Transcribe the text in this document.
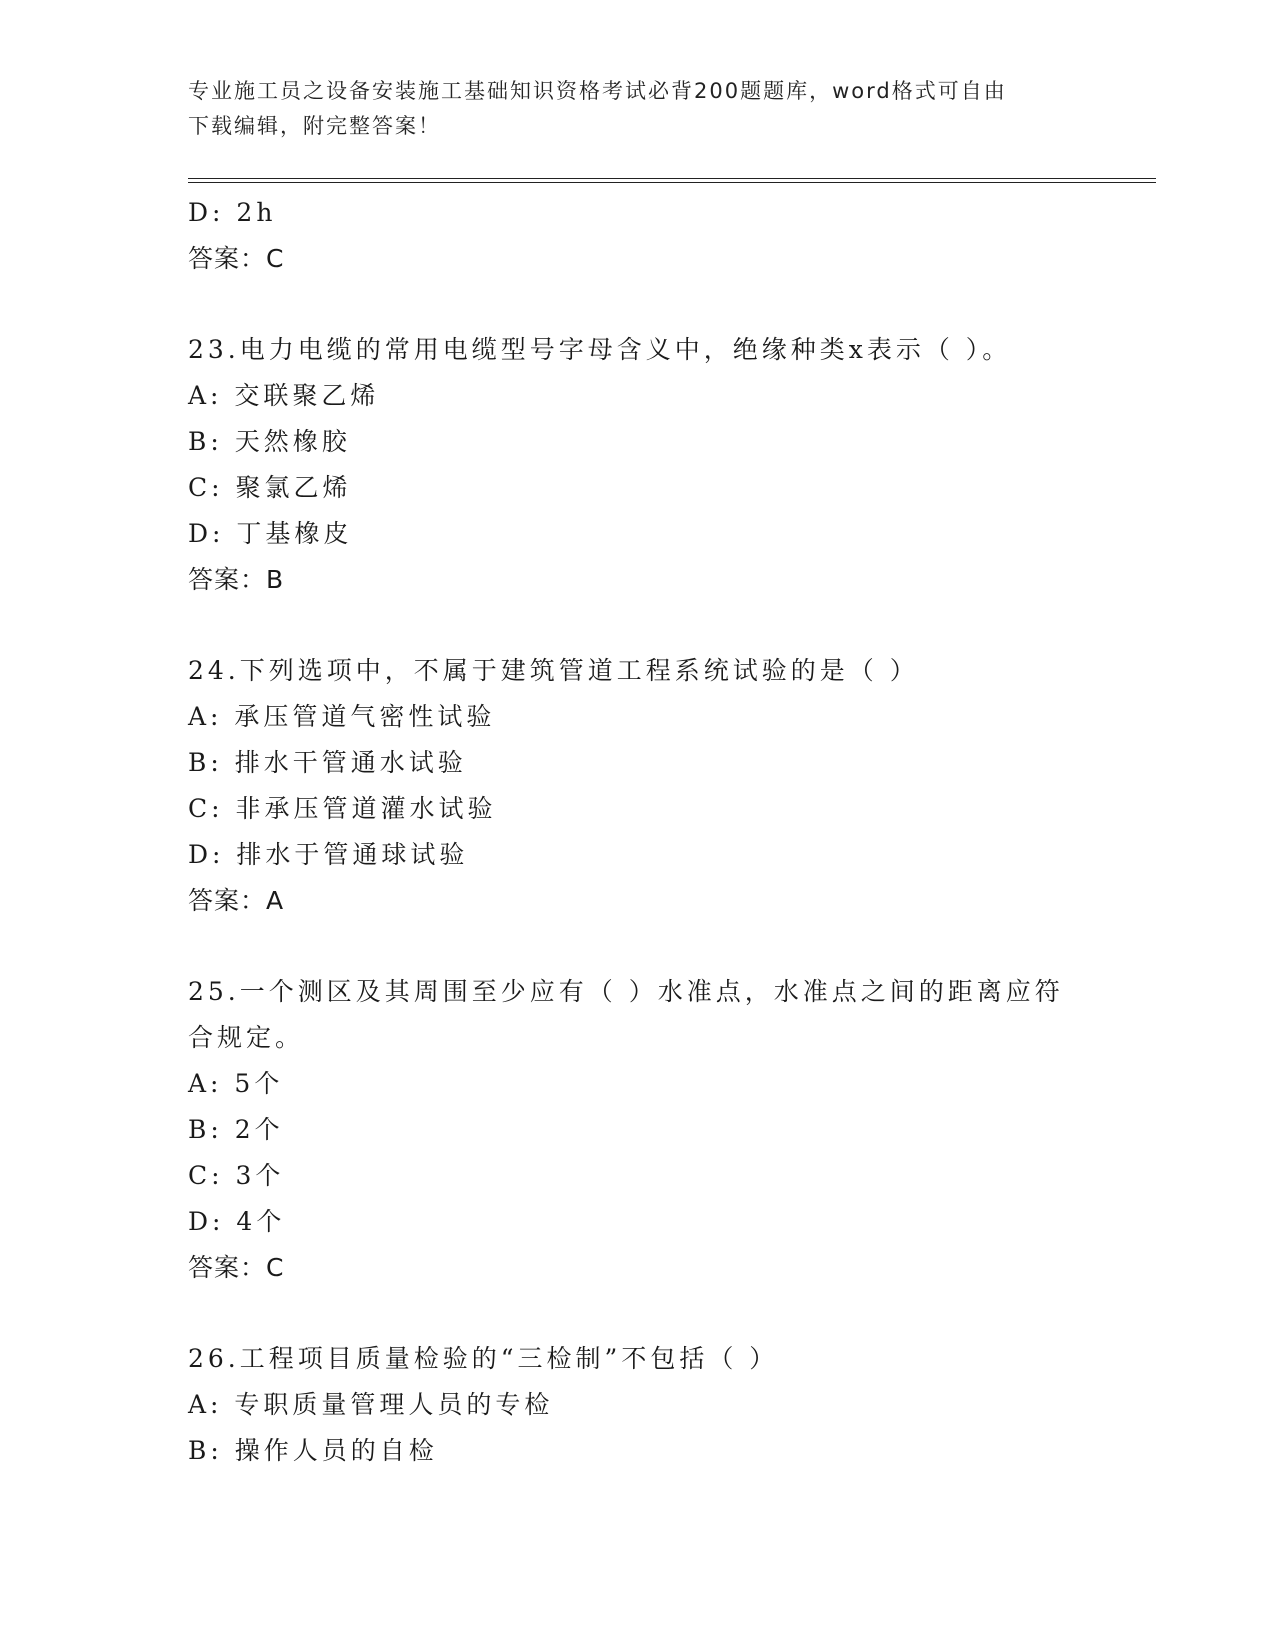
专业施工员之设备安装施工基础知识资格考试必背200题题库，word格式可自由
下载编辑，附完整答案！
D: 2h
答案：C
23.电力电缆的常用电缆型号字母含义中，绝缘种类x表示（ ）。
A: 交联聚乙烯
B: 天然橡胶
C: 聚氯乙烯
D: 丁基橡皮
答案：B
24.下列选项中，不属于建筑管道工程系统试验的是（ ）
A: 承压管道气密性试验
B: 排水干管通水试验
C: 非承压管道灌水试验
D: 排水于管通球试验
答案：A
25.一个测区及其周围至少应有（ ）水准点，水准点之间的距离应符
合规定。
A: 5个
B: 2个
C: 3个
D: 4个
答案：C
26.工程项目质量检验的“三检制”不包括（ ）
A: 专职质量管理人员的专检
B: 操作人员的自检
